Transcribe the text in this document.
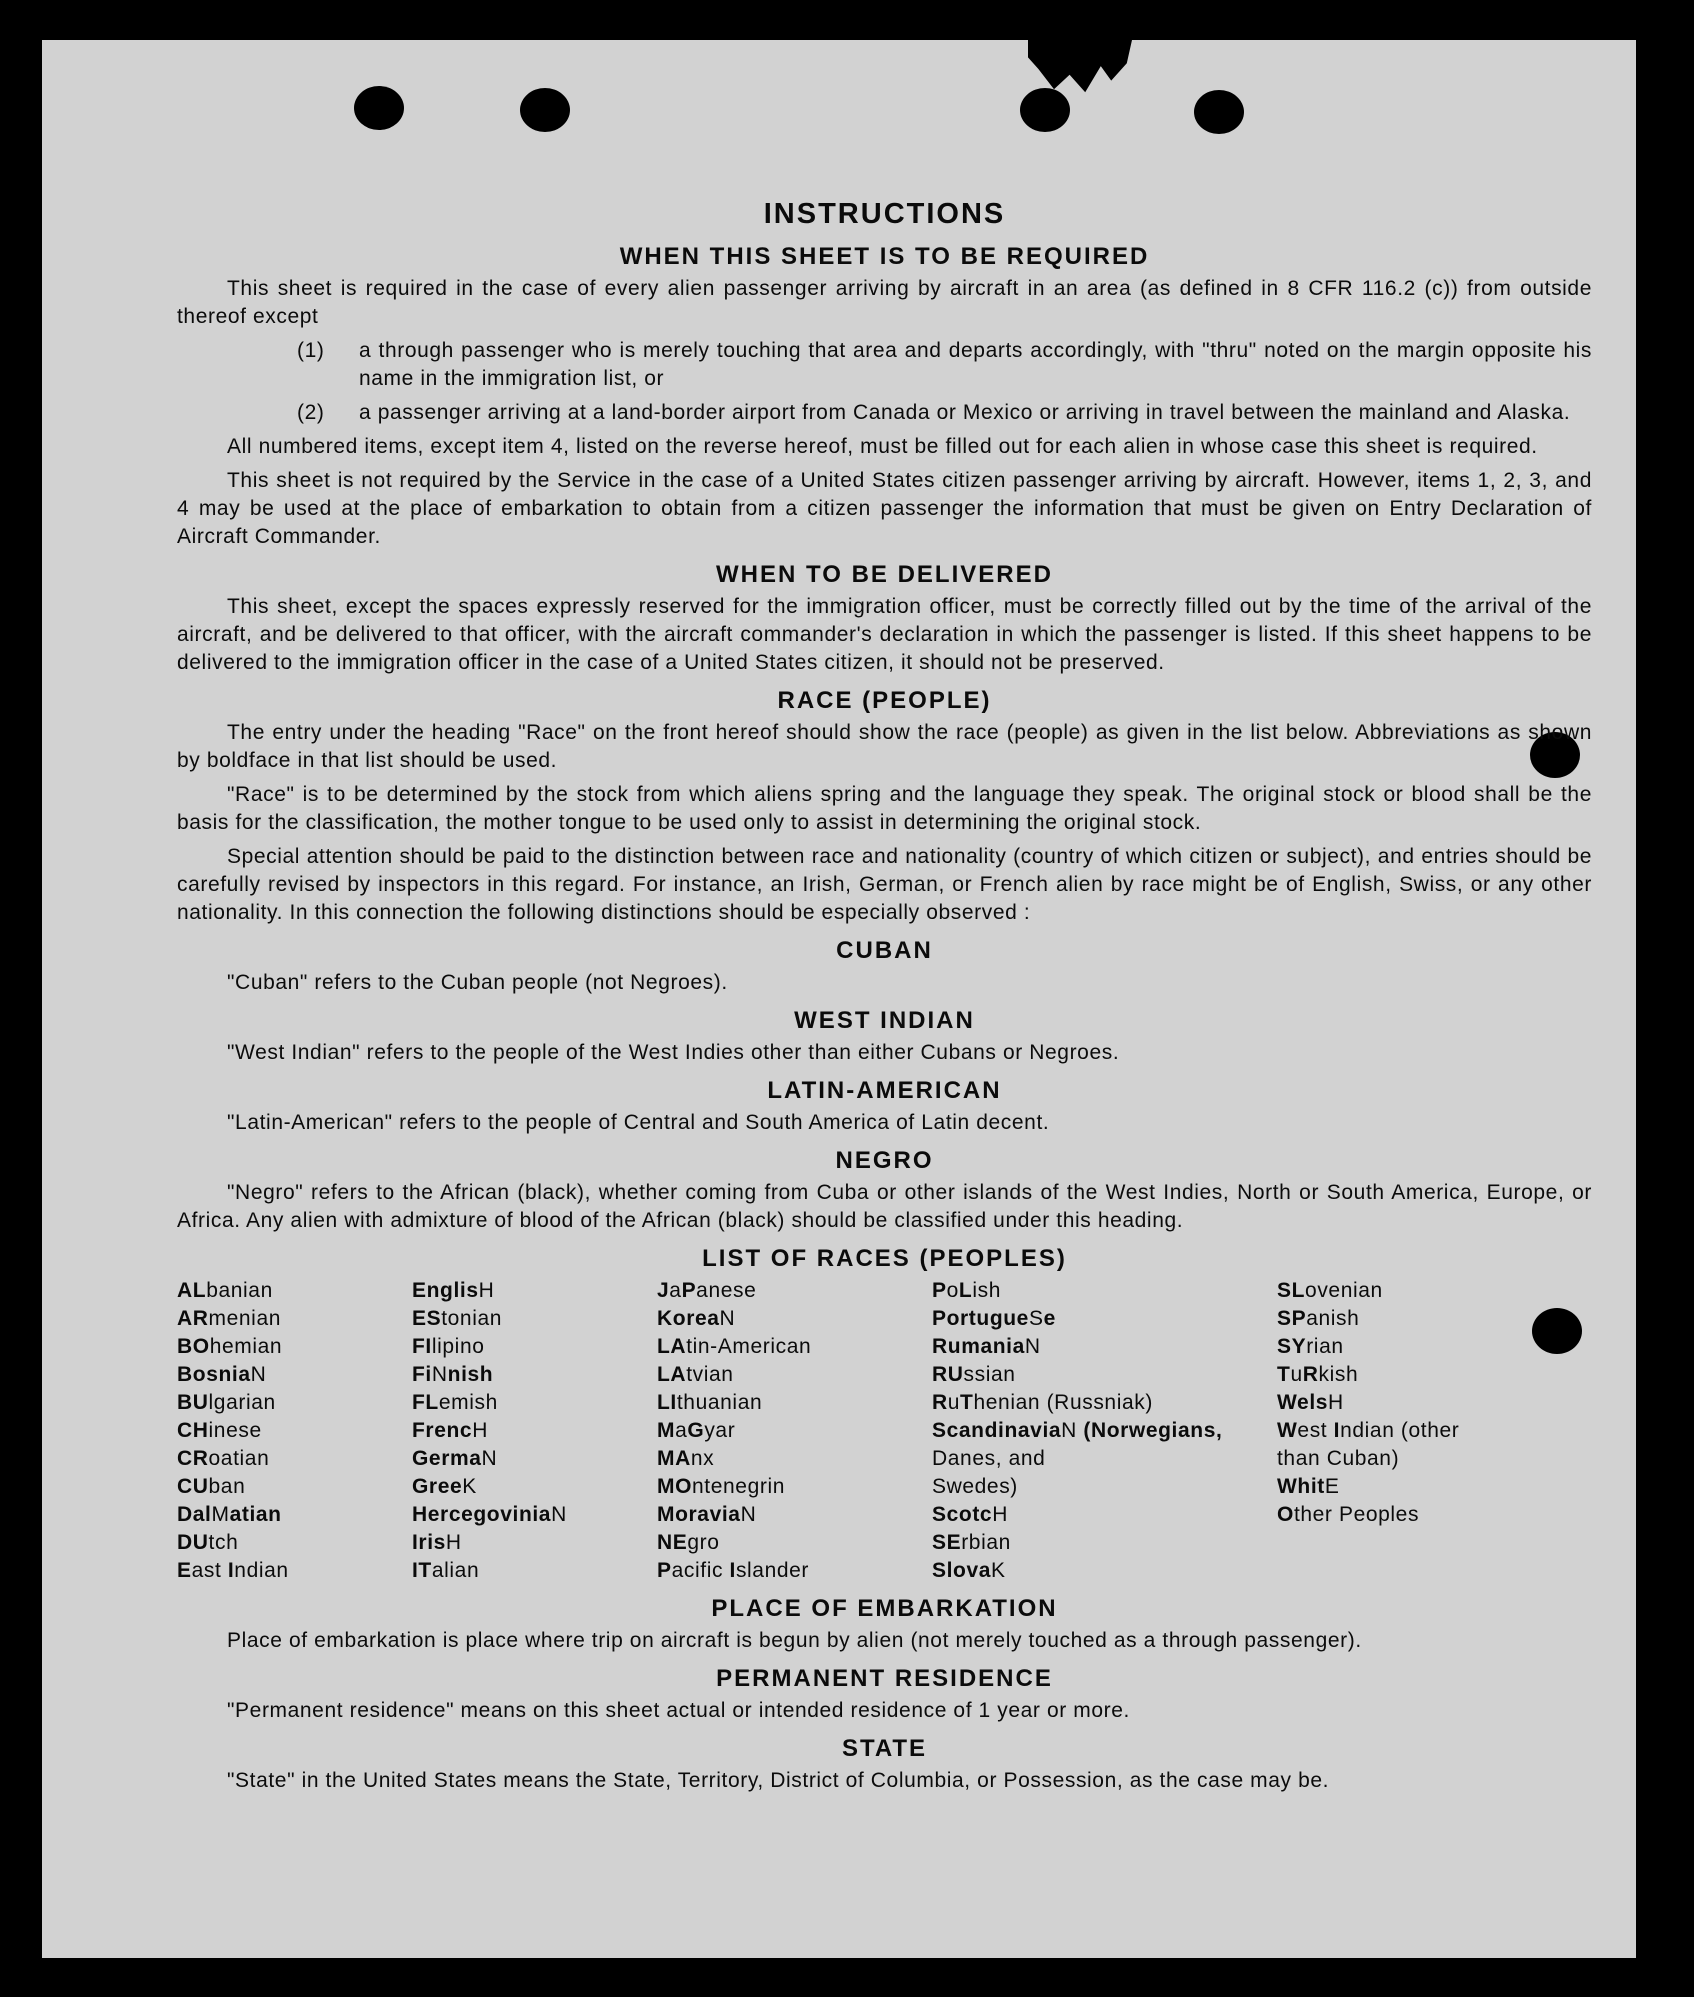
INSTRUCTIONS
WHEN THIS SHEET IS TO BE REQUIRED

This sheet is required in the case of every alien passenger arriving by aircraft in an area (as defined in 8 CFR 116.2 (c)) from outside thereof except

(1)	a through passenger who is merely touching that area and departs accordingly, with "thru" noted on the margin opposite his name in the immigration list, or
(2)	a passenger arriving at a land-border airport from Canada or Mexico or arriving in travel between the mainland and Alaska.

All numbered items, except item 4, listed on the reverse hereof, must be filled out for each alien in whose case this sheet is required.

This sheet is not required by the Service in the case of a United States citizen passenger arriving by aircraft. However, items 1, 2, 3, and 4 may be used at the place of embarkation to obtain from a citizen passenger the information that must be given on Entry Declaration of Aircraft Commander.

WHEN TO BE DELIVERED

This sheet, except the spaces expressly reserved for the immigration officer, must be correctly filled out by the time of the arrival of the aircraft, and be delivered to that officer, with the aircraft commander's declaration in which the passenger is listed. If this sheet happens to be delivered to the immigration officer in the case of a United States citizen, it should not be preserved.

RACE (PEOPLE)

The entry under the heading "Race" on the front hereof should show the race (people) as given in the list below. Abbreviations as shown by boldface in that list should be used.

"Race" is to be determined by the stock from which aliens spring and the language they speak. The original stock or blood shall be the basis for the classification, the mother tongue to be used only to assist in determining the original stock.

Special attention should be paid to the distinction between race and nationality (country of which citizen or subject), and entries should be carefully revised by inspectors in this regard. For instance, an Irish, German, or French alien by race might be of English, Swiss, or any other nationality. In this connection the following distinctions should be especially observed :

CUBAN

"Cuban" refers to the Cuban people (not Negroes).

WEST INDIAN

"West Indian" refers to the people of the West Indies other than either Cubans or Negroes.

LATIN-AMERICAN

"Latin-American" refers to the people of Central and South America of Latin decent.

NEGRO

"Negro" refers to the African (black), whether coming from Cuba or other islands of the West Indies, North or South America, Europe, or Africa. Any alien with admixture of blood of the African (black) should be classified under this heading.

LIST OF RACES (PEOPLES)
ALbanian
ARmenian
BOhemian
BosniaN
BUlgarian
CHinese
CRoatian
CUban
DalMatian
DUtch
East Indian
EnglisH
EStonian
FIlipino
FiNnish
FLemish
FrencH
GermaN
GreeK
HercegoviniaN
IrisH
ITalian
JaPanese
KoreaN
LAtin-American
LAtvian
LIthuanian
MaGyar
MAnx
MOntenegrin
MoraviaN
NEgro
Pacific Islander
PoLish
PortugueSe
RumaniaN
RUssian
RuThenian (Russniak)
ScandinaviaN (Norwegians,
Danes, and
Swedes)
ScotcH
SErbian
SlovaK
SLovenian
SPanish
SYrian
TuRkish
WelsH
West Indian (other
than Cuban)
WhitE
Other Peoples
PLACE OF EMBARKATION

Place of embarkation is place where trip on aircraft is begun by alien (not merely touched as a through passenger).

PERMANENT RESIDENCE

"Permanent residence" means on this sheet actual or intended residence of 1 year or more.

STATE

"State" in the United States means the State, Territory, District of Columbia, or Possession, as the case may be.
